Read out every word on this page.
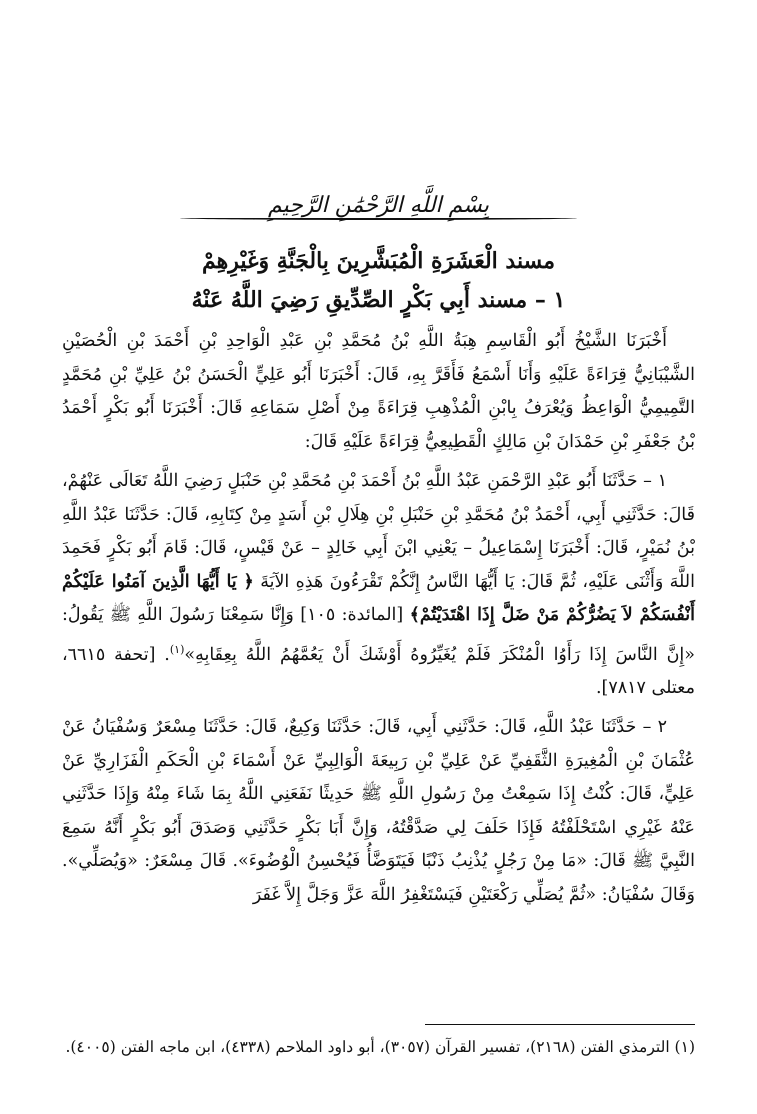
بِسْمِ اللَّهِ الرَّحْمَٰنِ الرَّحِيمِ
مسند الْعَشَرَةِ الْمُبَشَّرِينَ بِالْجَنَّةِ وَغَيْرِهِمْ
١ – مسند أَبِي بَكْرٍ الصِّدِّيقِ رَضِيَ اللَّهُ عَنْهُ

أَخْبَرَنَا الشَّيْخُ أَبُو الْقَاسِمِ هِبَةُ اللَّهِ بْنُ مُحَمَّدِ بْنِ عَبْدِ الْوَاحِدِ بْنِ أَحْمَدَ بْنِ الْحُصَيْنِ الشَّيْبَانِيُّ قِرَاءَةً عَلَيْهِ وَأَنَا أَسْمَعُ فَأَقَرَّ بِهِ، قَالَ: أَخْبَرَنَا أَبُو عَلِيٍّ الْحَسَنُ بْنُ عَلِيِّ بْنِ مُحَمَّدٍ التَّمِيمِيُّ الْوَاعِظُ وَيُعْرَفُ بِابْنِ الْمُذْهِبِ قِرَاءَةً مِنْ أَصْلِ سَمَاعِهِ قَالَ: أَخْبَرَنَا أَبُو بَكْرٍ أَحْمَدُ بْنُ جَعْفَرِ بْنِ حَمْدَانَ بْنِ مَالِكٍ الْقَطِيعِيُّ قِرَاءَةً عَلَيْهِ قَالَ:

١ – حَدَّثَنَا أَبُو عَبْدِ الرَّحْمَنِ عَبْدُ اللَّهِ بْنُ أَحْمَدَ بْنِ مُحَمَّدِ بْنِ حَنْبَلٍ رَضِيَ اللَّهُ تَعَالَى عَنْهُمْ، قَالَ: حَدَّثَنِي أَبِي، أَحْمَدُ بْنُ مُحَمَّدِ بْنِ حَنْبَلِ بْنِ هِلَالِ بْنِ أَسَدٍ مِنْ كِتَابِهِ، قَالَ: حَدَّثَنَا عَبْدُ اللَّهِ بْنُ نُمَيْرٍ، قَالَ: أَخْبَرَنَا إِسْمَاعِيلُ – يَعْنِي ابْنَ أَبِي خَالِدٍ – عَنْ قَيْسٍ، قَالَ: قَامَ أَبُو بَكْرٍ فَحَمِدَ اللَّهَ وَأَثْنَى عَلَيْهِ، ثُمَّ قَالَ: يَا أَيُّهَا النَّاسُ إِنَّكُمْ تَقْرَءُونَ هَذِهِ الآيَةَ ﴿ يَا أَيُّهَا الَّذِينَ آمَنُوا عَلَيْكُمْ أَنْفُسَكُمْ لاَ يَضُرُّكُمْ مَنْ ضَلَّ إِذَا اهْتَدَيْتُمْ﴾ [المائدة: ١٠٥] وَإِنَّا سَمِعْنَا رَسُولَ اللَّهِ ﷺ يَقُولُ: «إِنَّ النَّاسَ إِذَا رَأَوُا الْمُنْكَرَ فَلَمْ يُغَيِّرُوهُ أَوْشَكَ أَنْ يَعُمَّهُمُ اللَّهُ بِعِقَابِهِ»$^{(١)}$. [تحفة ٦٦١٥، معتلى ٧٨١٧].

٢ – حَدَّثَنَا عَبْدُ اللَّهِ، قَالَ: حَدَّثَنِي أَبِي، قَالَ: حَدَّثَنَا وَكِيعٌ، قَالَ: حَدَّثَنَا مِسْعَرٌ وَسُفْيَانُ عَنْ عُثْمَانَ بْنِ الْمُغِيرَةِ الثَّقَفِيِّ عَنْ عَلِيِّ بْنِ رَبِيعَةَ الْوَالِبِيِّ عَنْ أَسْمَاءَ بْنِ الْحَكَمِ الْفَزَارِيِّ عَنْ عَلِيٍّ، قَالَ: كُنْتُ إِذَا سَمِعْتُ مِنْ رَسُولِ اللَّهِ ﷺ حَدِيثًا نَفَعَنِي اللَّهُ بِمَا شَاءَ مِنْهُ وَإِذَا حَدَّثَنِي عَنْهُ غَيْرِي اسْتَحْلَفْتُهُ فَإِذَا حَلَفَ لِي صَدَّقْتُهُ، وَإِنَّ أَبَا بَكْرٍ حَدَّثَنِي وَصَدَقَ أَبُو بَكْرٍ أَنَّهُ سَمِعَ النَّبِيَّ ﷺ قَالَ: «مَا مِنْ رَجُلٍ يُذْنِبُ ذَنْبًا فَيَتَوَضَّأُ فَيُحْسِنُ الْوُضُوءَ». قَالَ مِسْعَرٌ: «وَيُصَلِّي». وَقَالَ سُفْيَانُ: «ثُمَّ يُصَلِّي رَكْعَتَيْنِ فَيَسْتَغْفِرُ اللَّهَ عَزَّ وَجَلَّ إِلاَّ غَفَرَ

(١) الترمذي الفتن (٢١٦٨)، تفسير القرآن (٣٠٥٧)، أبو داود الملاحم (٤٣٣٨)، ابن ماجه الفتن (٤٠٠٥).
